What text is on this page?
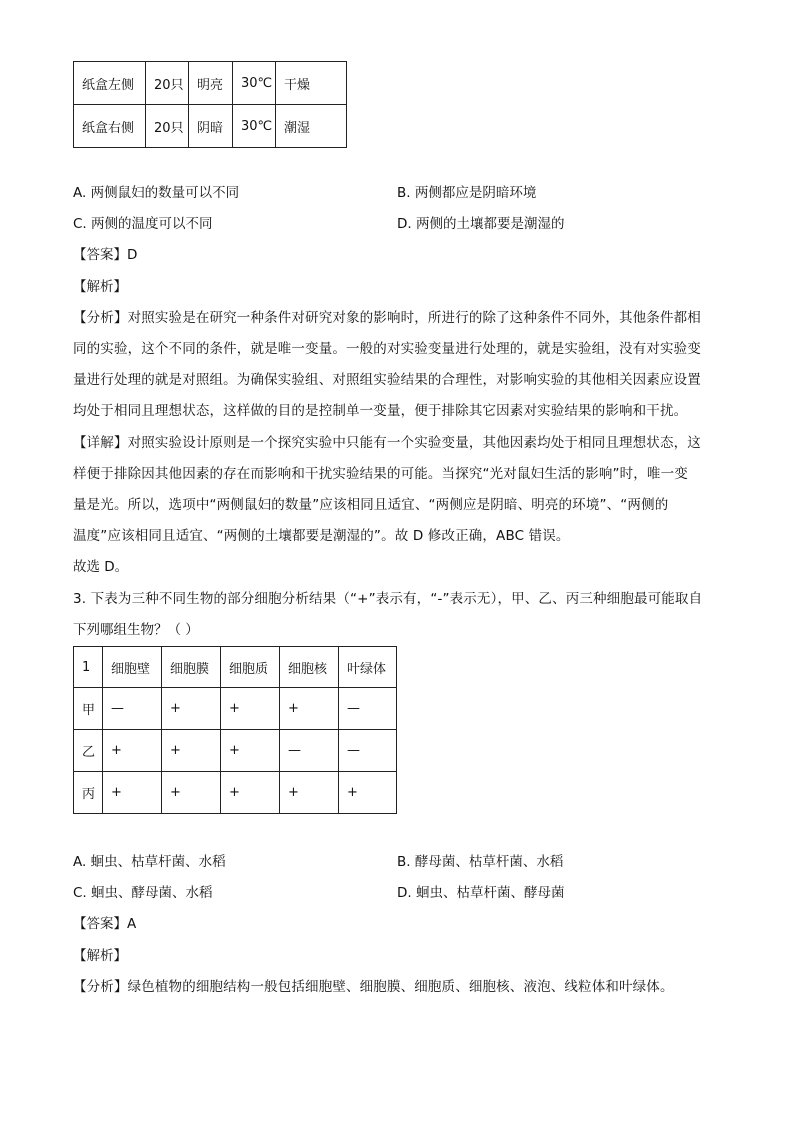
纸盒左侧	20只	明亮	30℃	干燥
纸盒右侧	20只	阴暗	30℃	潮湿
A. 两侧鼠妇的数量可以不同	B. 两侧都应是阴暗环境
C. 两侧的温度可以不同	D. 两侧的土壤都要是潮湿的
【答案】D
【解析】
【分析】对照实验是在研究一种条件对研究对象的影响时，所进行的除了这种条件不同外，其他条件都相
同的实验，这个不同的条件，就是唯一变量。一般的对实验变量进行处理的，就是实验组，没有对实验变
量进行处理的就是对照组。为确保实验组、对照组实验结果的合理性，对影响实验的其他相关因素应设置
均处于相同且理想状态，这样做的目的是控制单一变量，便于排除其它因素对实验结果的影响和干扰。
【详解】对照实验设计原则是一个探究实验中只能有一个实验变量，其他因素均处于相同且理想状态，这
样便于排除因其他因素的存在而影响和干扰实验结果的可能。当探究“光对鼠妇生活的影响”时，唯一变
量是光。所以，选项中“两侧鼠妇的数量”应该相同且适宜、“两侧应是阴暗、明亮的环境”、“两侧的
温度”应该相同且适宜、“两侧的土壤都要是潮湿的”。故 D 修改正确，ABC 错误。
故选 D。
3. 下表为三种不同生物的部分细胞分析结果（“+”表示有，“-”表示无），甲、乙、丙三种细胞最可能取自
下列哪组生物？（ ）
1	细胞壁	细胞膜	细胞质	细胞核	叶绿体
甲	—	+	+	+	—
乙	+	+	+	—	—
丙	+	+	+	+	+
A. 蛔虫、枯草杆菌、水稻	B. 酵母菌、枯草杆菌、水稻
C. 蛔虫、酵母菌、水稻	D. 蛔虫、枯草杆菌、酵母菌
【答案】A
【解析】
【分析】绿色植物的细胞结构一般包括细胞壁、细胞膜、细胞质、细胞核、液泡、线粒体和叶绿体。
